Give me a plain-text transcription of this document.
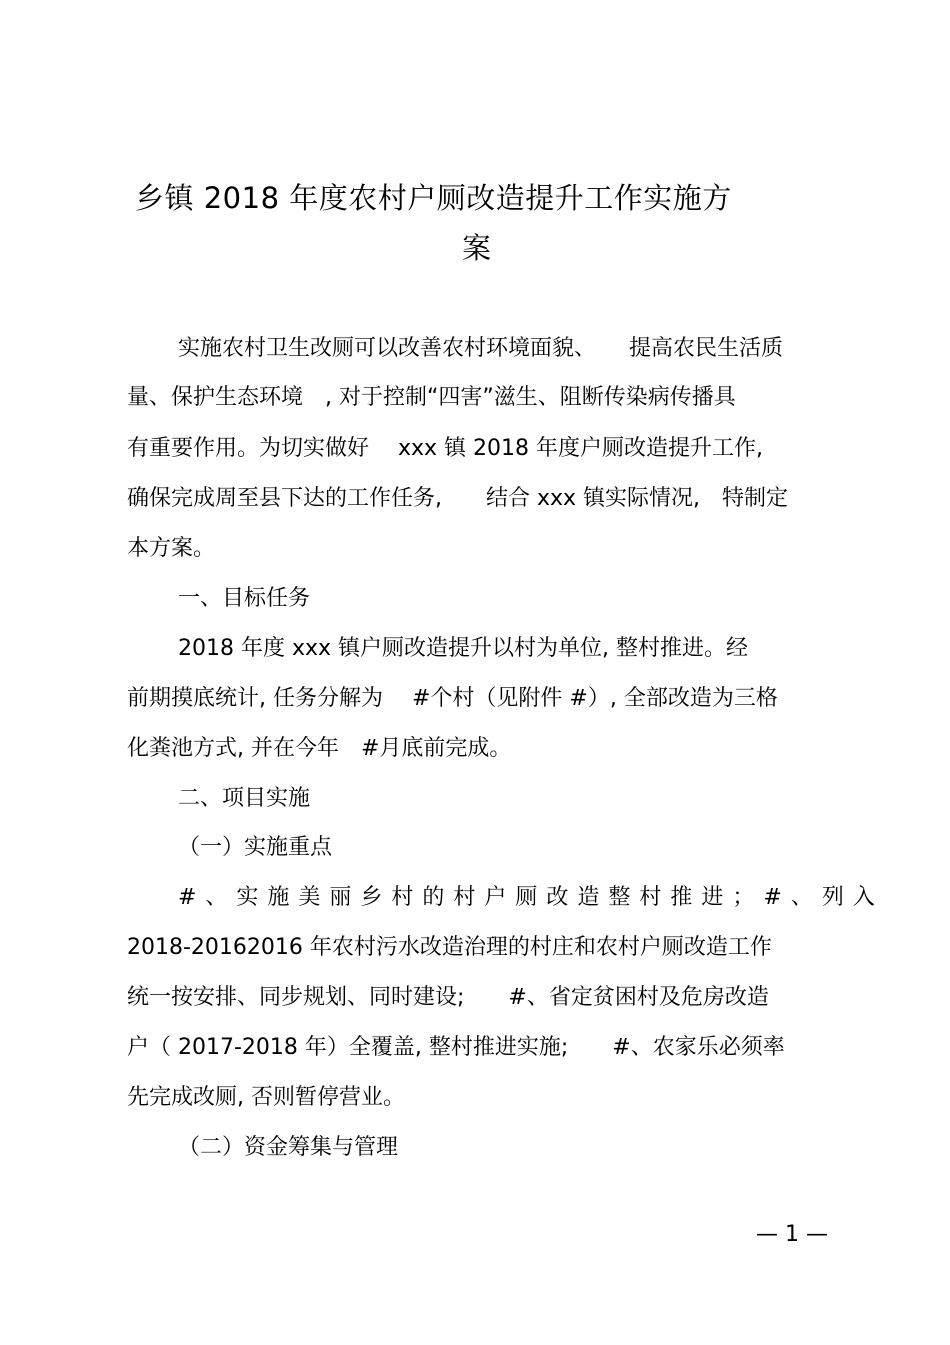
乡镇 2018 年度农村户厕改造提升工作实施方
案
实施农村卫生改厕可以改善农村环境面貌、　　提高农民生活质
量、保护生态环境　, 对于控制“四害”滋生、阻断传染病传播具
有重要作用。为切实做好　 xxx 镇 2018 年度户厕改造提升工作,
确保完成周至县下达的工作任务,　　结合 xxx 镇实际情况,　特制定
本方案。
一、目标任务
2018 年度 xxx 镇户厕改造提升以村为单位, 整村推进。经
前期摸底统计, 任务分解为　 #个村（见附件 #）, 全部改造为三格
化粪池方式, 并在今年　#月底前完成。
二、项目实施
（一）实施重点
#、实施美丽乡村的村户厕改造整村推进；#、列入
2018-20162016 年农村污水改造治理的村庄和农村户厕改造工作
统一按安排、同步规划、同时建设;　　#、省定贫困村及危房改造
户（ 2017-2018 年）全覆盖, 整村推进实施;　　#、农家乐必须率
先完成改厕, 否则暂停营业。
（二）资金筹集与管理
— 1 —
